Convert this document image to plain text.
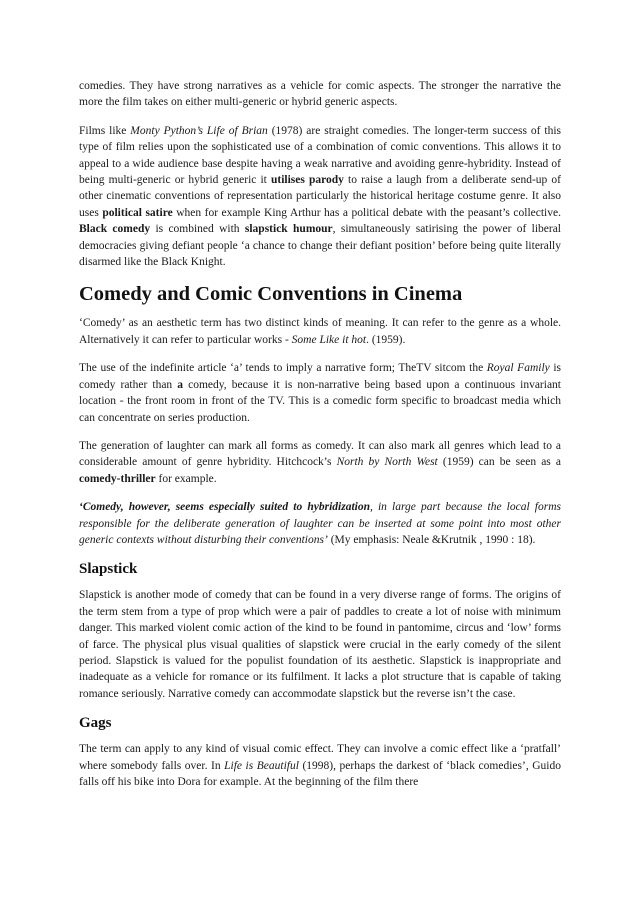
comedies. They have strong narratives as a vehicle for comic aspects. The stronger the narrative the more the film takes on either multi-generic or hybrid generic aspects.

Films like Monty Python’s Life of Brian (1978) are straight comedies. The longer-term success of this type of film relies upon the sophisticated use of a combination of comic conventions. This allows it to appeal to a wide audience base despite having a weak narrative and avoiding genre-hybridity. Instead of being multi-generic or hybrid generic it utilises parody to raise a laugh from a deliberate send-up of other cinematic conventions of representation particularly the historical heritage costume genre. It also uses political satire when for example King Arthur has a political debate with the peasant’s collective. Black comedy is combined with slapstick humour, simultaneously satirising the power of liberal democracies giving defiant people ‘a chance to change their defiant position’ before being quite literally disarmed like the Black Knight.

Comedy and Comic Conventions in Cinema

‘Comedy’ as an aesthetic term has two distinct kinds of meaning. It can refer to the genre as a whole. Alternatively it can refer to particular works - Some Like it hot. (1959).

The use of the indefinite article ‘a’ tends to imply a narrative form; TheTV sitcom the Royal Family is comedy rather than a comedy, because it is non-narrative being based upon a continuous invariant location - the front room in front of the TV. This is a comedic form specific to broadcast media which can concentrate on series production.

The generation of laughter can mark all forms as comedy. It can also mark all genres which lead to a considerable amount of genre hybridity. Hitchcock’s North by North West (1959) can be seen as a comedy-thriller for example.

‘Comedy, however, seems especially suited to hybridization, in large part because the local forms responsible for the deliberate generation of laughter can be inserted at some point into most other generic contexts without disturbing their conventions’ (My emphasis: Neale &Krutnik , 1990 : 18).

Slapstick

Slapstick is another mode of comedy that can be found in a very diverse range of forms. The origins of the term stem from a type of prop which were a pair of paddles to create a lot of noise with minimum danger. This marked violent comic action of the kind to be found in pantomime, circus and ‘low’ forms of farce. The physical plus visual qualities of slapstick were crucial in the early comedy of the silent period. Slapstick is valued for the populist foundation of its aesthetic. Slapstick is inappropriate and inadequate as a vehicle for romance or its fulfilment. It lacks a plot structure that is capable of taking romance seriously. Narrative comedy can accommodate slapstick but the reverse isn’t the case.

Gags

The term can apply to any kind of visual comic effect. They can involve a comic effect like a ‘pratfall’ where somebody falls over. In Life is Beautiful (1998), perhaps the darkest of ‘black comedies’, Guido falls off his bike into Dora for example. At the beginning of the film there
